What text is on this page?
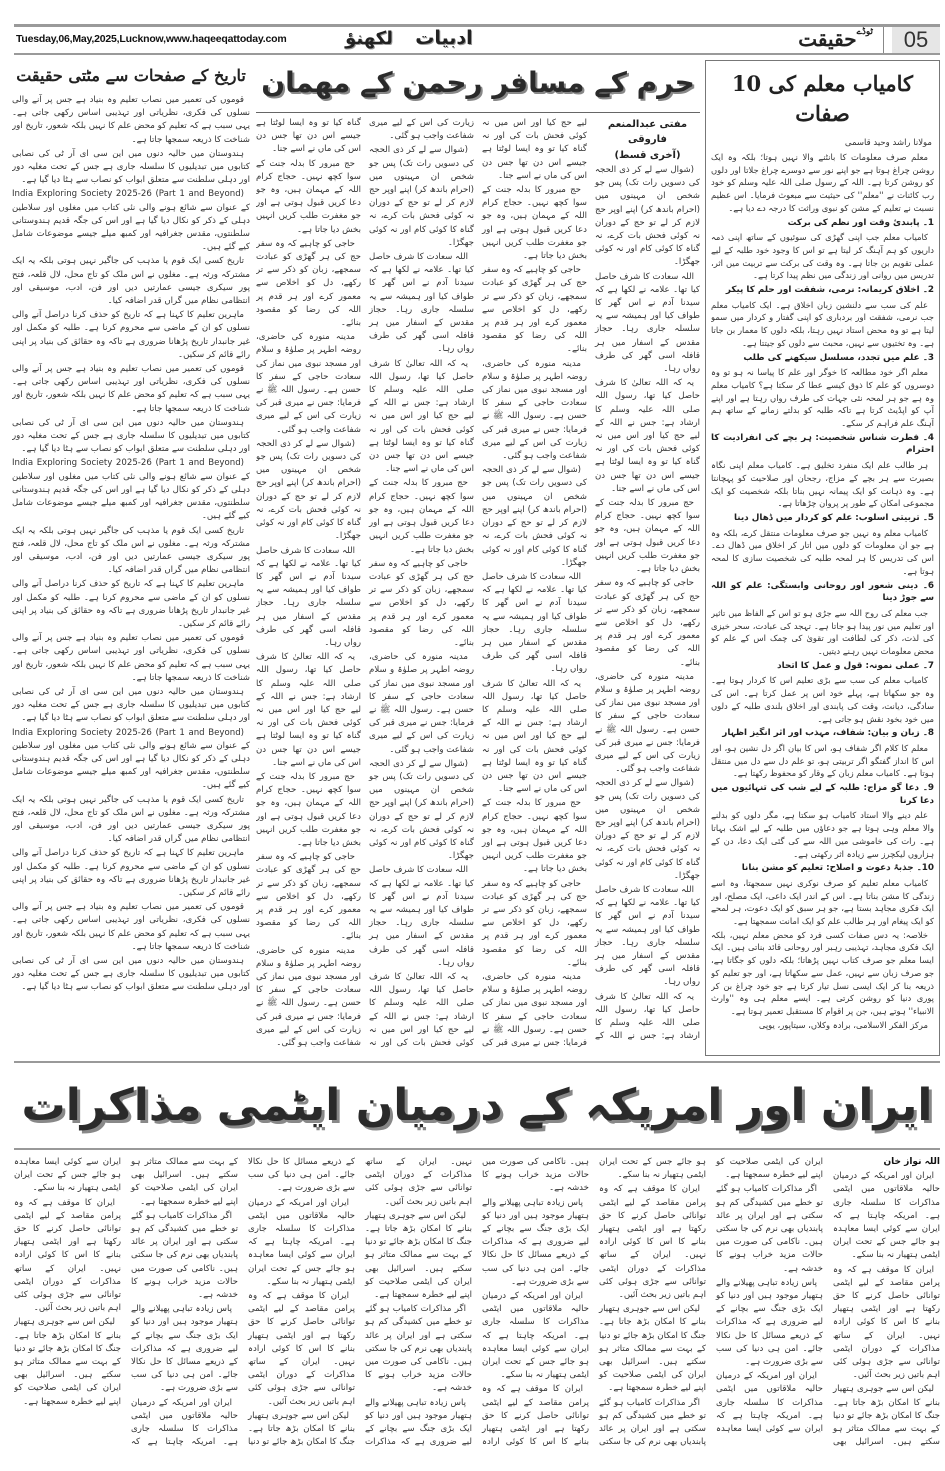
Tuesday,06,May,2025,Lucknow,www.haqeeqattoday.com	لکھنؤ	ادبیات	$^{ٹوڈے}$حقیقت	05
تاریخ کے صفحات سے مٹتی حقیقت

قوموں کی تعمیر میں نصاب تعلیم وہ بنیاد ہے جس پر آنے والی نسلوں کی فکری، نظریاتی اور تہذیبی اساس رکھی جاتی ہے۔ یہی سبب ہے کہ تعلیم کو محض علم کا نہیں بلکہ شعور، تاریخ اور شناخت کا ذریعہ سمجھا جاتا ہے۔

ہندوستان میں حالیہ دنوں میں این سی ای آر ٹی کی نصابی کتابوں میں تبدیلیوں کا سلسلہ جاری ہے جس کے تحت مغلیہ دور اور دہلی سلطنت سے متعلق ابواب کو نصاب سے ہٹا دیا گیا ہے۔

India Exploring Society 2025-26 (Part 1 and Beyond) کے عنوان سے شائع ہونے والی نئی کتاب میں مغلوں اور سلاطین دہلی کے ذکر کو نکال دیا گیا ہے اور اس کی جگہ قدیم ہندوستانی سلطنتوں، مقدس جغرافیہ اور کمبھ میلے جیسے موضوعات شامل کیے گئے ہیں۔

تاریخ کسی ایک قوم یا مذہب کی جاگیر نہیں ہوتی بلکہ یہ ایک مشترکہ ورثہ ہے۔ مغلوں نے اس ملک کو تاج محل، لال قلعہ، فتح پور سیکری جیسی عمارتیں دیں اور فن، ادب، موسیقی اور انتظامی نظام میں گراں قدر اضافہ کیا۔

ماہرین تعلیم کا کہنا ہے کہ تاریخ کو حذف کرنا دراصل آنے والی نسلوں کو ان کے ماضی سے محروم کرنا ہے۔ طلبہ کو مکمل اور غیر جانبدار تاریخ پڑھانا ضروری ہے تاکہ وہ حقائق کی بنیاد پر اپنی رائے قائم کر سکیں۔

قوموں کی تعمیر میں نصاب تعلیم وہ بنیاد ہے جس پر آنے والی نسلوں کی فکری، نظریاتی اور تہذیبی اساس رکھی جاتی ہے۔ یہی سبب ہے کہ تعلیم کو محض علم کا نہیں بلکہ شعور، تاریخ اور شناخت کا ذریعہ سمجھا جاتا ہے۔

ہندوستان میں حالیہ دنوں میں این سی ای آر ٹی کی نصابی کتابوں میں تبدیلیوں کا سلسلہ جاری ہے جس کے تحت مغلیہ دور اور دہلی سلطنت سے متعلق ابواب کو نصاب سے ہٹا دیا گیا ہے۔

India Exploring Society 2025-26 (Part 1 and Beyond) کے عنوان سے شائع ہونے والی نئی کتاب میں مغلوں اور سلاطین دہلی کے ذکر کو نکال دیا گیا ہے اور اس کی جگہ قدیم ہندوستانی سلطنتوں، مقدس جغرافیہ اور کمبھ میلے جیسے موضوعات شامل کیے گئے ہیں۔

تاریخ کسی ایک قوم یا مذہب کی جاگیر نہیں ہوتی بلکہ یہ ایک مشترکہ ورثہ ہے۔ مغلوں نے اس ملک کو تاج محل، لال قلعہ، فتح پور سیکری جیسی عمارتیں دیں اور فن، ادب، موسیقی اور انتظامی نظام میں گراں قدر اضافہ کیا۔

ماہرین تعلیم کا کہنا ہے کہ تاریخ کو حذف کرنا دراصل آنے والی نسلوں کو ان کے ماضی سے محروم کرنا ہے۔ طلبہ کو مکمل اور غیر جانبدار تاریخ پڑھانا ضروری ہے تاکہ وہ حقائق کی بنیاد پر اپنی رائے قائم کر سکیں۔

قوموں کی تعمیر میں نصاب تعلیم وہ بنیاد ہے جس پر آنے والی نسلوں کی فکری، نظریاتی اور تہذیبی اساس رکھی جاتی ہے۔ یہی سبب ہے کہ تعلیم کو محض علم کا نہیں بلکہ شعور، تاریخ اور شناخت کا ذریعہ سمجھا جاتا ہے۔

ہندوستان میں حالیہ دنوں میں این سی ای آر ٹی کی نصابی کتابوں میں تبدیلیوں کا سلسلہ جاری ہے جس کے تحت مغلیہ دور اور دہلی سلطنت سے متعلق ابواب کو نصاب سے ہٹا دیا گیا ہے۔

India Exploring Society 2025-26 (Part 1 and Beyond) کے عنوان سے شائع ہونے والی نئی کتاب میں مغلوں اور سلاطین دہلی کے ذکر کو نکال دیا گیا ہے اور اس کی جگہ قدیم ہندوستانی سلطنتوں، مقدس جغرافیہ اور کمبھ میلے جیسے موضوعات شامل کیے گئے ہیں۔

تاریخ کسی ایک قوم یا مذہب کی جاگیر نہیں ہوتی بلکہ یہ ایک مشترکہ ورثہ ہے۔ مغلوں نے اس ملک کو تاج محل، لال قلعہ، فتح پور سیکری جیسی عمارتیں دیں اور فن، ادب، موسیقی اور انتظامی نظام میں گراں قدر اضافہ کیا۔

ماہرین تعلیم کا کہنا ہے کہ تاریخ کو حذف کرنا دراصل آنے والی نسلوں کو ان کے ماضی سے محروم کرنا ہے۔ طلبہ کو مکمل اور غیر جانبدار تاریخ پڑھانا ضروری ہے تاکہ وہ حقائق کی بنیاد پر اپنی رائے قائم کر سکیں۔

قوموں کی تعمیر میں نصاب تعلیم وہ بنیاد ہے جس پر آنے والی نسلوں کی فکری، نظریاتی اور تہذیبی اساس رکھی جاتی ہے۔ یہی سبب ہے کہ تعلیم کو محض علم کا نہیں بلکہ شعور، تاریخ اور شناخت کا ذریعہ سمجھا جاتا ہے۔

ہندوستان میں حالیہ دنوں میں این سی ای آر ٹی کی نصابی کتابوں میں تبدیلیوں کا سلسلہ جاری ہے جس کے تحت مغلیہ دور اور دہلی سلطنت سے متعلق ابواب کو نصاب سے ہٹا دیا گیا ہے۔

حرم کے مسافر رحمن کے مهمان

مفتی عبدالمنعم فاروقی

(آخری قسط)

(شوال سے لے کر ذی الحجہ کی دسویں رات تک) پس جو شخص ان مہینوں میں (احرام باندھ کر) اپنے اوپر حج لازم کر لے تو حج کے دوران نہ کوئی فحش بات کرے، نہ گناہ کا کوئی کام اور نہ کوئی جھگڑا۔

اللہ سعادت کا شرف حاصل کیا تھا۔ علامہ نے لکھا ہے کہ سیدنا آدم نے اس گھر کا طواف کیا اور ہمیشہ سے یہ سلسلہ جاری رہا۔ حجاز مقدس کے اسفار میں ہر قافلہ اسی گھر کی طرف رواں رہا۔

یہ کہ اللہ تعالیٰ کا شرف حاصل کیا تھا، رسول اللہ صلی اللہ علیہ وسلم کا ارشاد ہے: جس نے اللہ کے لیے حج کیا اور اس میں نہ کوئی فحش بات کی اور نہ گناہ کیا تو وہ ایسا لوٹتا ہے جیسے اس دن تھا جس دن اس کی ماں نے اسے جنا۔

حج مبرور کا بدلہ جنت کے سوا کچھ نہیں۔ حجاج کرام اللہ کے مہمان ہیں، وہ جو دعا کریں قبول ہوتی ہے اور جو مغفرت طلب کریں انہیں بخش دیا جاتا ہے۔

حاجی کو چاہیے کہ وہ سفر حج کی ہر گھڑی کو عبادت سمجھے، زبان کو ذکر سے تر رکھے، دل کو اخلاص سے معمور کرے اور ہر قدم پر اللہ کی رضا کو مقصود بنائے۔

مدینہ منورہ کی حاضری، روضہ اطہر پر صلوٰۃ و سلام اور مسجد نبوی میں نماز کی سعادت حاجی کے سفر کا حسن ہے۔ رسول اللہ ﷺ نے فرمایا: جس نے میری قبر کی زیارت کی اس کے لیے میری شفاعت واجب ہو گئی۔

(شوال سے لے کر ذی الحجہ کی دسویں رات تک) پس جو شخص ان مہینوں میں (احرام باندھ کر) اپنے اوپر حج لازم کر لے تو حج کے دوران نہ کوئی فحش بات کرے، نہ گناہ کا کوئی کام اور نہ کوئی جھگڑا۔

اللہ سعادت کا شرف حاصل کیا تھا۔ علامہ نے لکھا ہے کہ سیدنا آدم نے اس گھر کا طواف کیا اور ہمیشہ سے یہ سلسلہ جاری رہا۔ حجاز مقدس کے اسفار میں ہر قافلہ اسی گھر کی طرف رواں رہا۔

یہ کہ اللہ تعالیٰ کا شرف حاصل کیا تھا، رسول اللہ صلی اللہ علیہ وسلم کا ارشاد ہے: جس نے اللہ کے لیے حج کیا اور اس میں نہ کوئی فحش بات کی اور نہ گناہ کیا تو وہ ایسا لوٹتا ہے جیسے اس دن تھا جس دن اس کی ماں نے اسے جنا۔

حج مبرور کا بدلہ جنت کے سوا کچھ نہیں۔ حجاج کرام اللہ کے مہمان ہیں، وہ جو دعا کریں قبول ہوتی ہے اور جو مغفرت طلب کریں انہیں بخش دیا جاتا ہے۔

حاجی کو چاہیے کہ وہ سفر حج کی ہر گھڑی کو عبادت سمجھے، زبان کو ذکر سے تر رکھے، دل کو اخلاص سے معمور کرے اور ہر قدم پر اللہ کی رضا کو مقصود بنائے۔

مدینہ منورہ کی حاضری، روضہ اطہر پر صلوٰۃ و سلام اور مسجد نبوی میں نماز کی سعادت حاجی کے سفر کا حسن ہے۔ رسول اللہ ﷺ نے فرمایا: جس نے میری قبر کی زیارت کی اس کے لیے میری شفاعت واجب ہو گئی۔

(شوال سے لے کر ذی الحجہ کی دسویں رات تک) پس جو شخص ان مہینوں میں (احرام باندھ کر) اپنے اوپر حج لازم کر لے تو حج کے دوران نہ کوئی فحش بات کرے، نہ گناہ کا کوئی کام اور نہ کوئی جھگڑا۔

اللہ سعادت کا شرف حاصل کیا تھا۔ علامہ نے لکھا ہے کہ سیدنا آدم نے اس گھر کا طواف کیا اور ہمیشہ سے یہ سلسلہ جاری رہا۔ حجاز مقدس کے اسفار میں ہر قافلہ اسی گھر کی طرف رواں رہا۔

یہ کہ اللہ تعالیٰ کا شرف حاصل کیا تھا، رسول اللہ صلی اللہ علیہ وسلم کا ارشاد ہے: جس نے اللہ کے لیے حج کیا اور اس میں نہ کوئی فحش بات کی اور نہ گناہ کیا تو وہ ایسا لوٹتا ہے جیسے اس دن تھا جس دن اس کی ماں نے اسے جنا۔

حج مبرور کا بدلہ جنت کے سوا کچھ نہیں۔ حجاج کرام اللہ کے مہمان ہیں، وہ جو دعا کریں قبول ہوتی ہے اور جو مغفرت طلب کریں انہیں بخش دیا جاتا ہے۔

حاجی کو چاہیے کہ وہ سفر حج کی ہر گھڑی کو عبادت سمجھے، زبان کو ذکر سے تر رکھے، دل کو اخلاص سے معمور کرے اور ہر قدم پر اللہ کی رضا کو مقصود بنائے۔

مدینہ منورہ کی حاضری، روضہ اطہر پر صلوٰۃ و سلام اور مسجد نبوی میں نماز کی سعادت حاجی کے سفر کا حسن ہے۔ رسول اللہ ﷺ نے فرمایا: جس نے میری قبر کی زیارت کی اس کے لیے میری شفاعت واجب ہو گئی۔

(شوال سے لے کر ذی الحجہ کی دسویں رات تک) پس جو شخص ان مہینوں میں (احرام باندھ کر) اپنے اوپر حج لازم کر لے تو حج کے دوران نہ کوئی فحش بات کرے، نہ گناہ کا کوئی کام اور نہ کوئی جھگڑا۔

اللہ سعادت کا شرف حاصل کیا تھا۔ علامہ نے لکھا ہے کہ سیدنا آدم نے اس گھر کا طواف کیا اور ہمیشہ سے یہ سلسلہ جاری رہا۔ حجاز مقدس کے اسفار میں ہر قافلہ اسی گھر کی طرف رواں رہا۔

یہ کہ اللہ تعالیٰ کا شرف حاصل کیا تھا، رسول اللہ صلی اللہ علیہ وسلم کا ارشاد ہے: جس نے اللہ کے لیے حج کیا اور اس میں نہ کوئی فحش بات کی اور نہ گناہ کیا تو وہ ایسا لوٹتا ہے جیسے اس دن تھا جس دن اس کی ماں نے اسے جنا۔

حج مبرور کا بدلہ جنت کے سوا کچھ نہیں۔ حجاج کرام اللہ کے مہمان ہیں، وہ جو دعا کریں قبول ہوتی ہے اور جو مغفرت طلب کریں انہیں بخش دیا جاتا ہے۔

حاجی کو چاہیے کہ وہ سفر حج کی ہر گھڑی کو عبادت سمجھے، زبان کو ذکر سے تر رکھے، دل کو اخلاص سے معمور کرے اور ہر قدم پر اللہ کی رضا کو مقصود بنائے۔

مدینہ منورہ کی حاضری، روضہ اطہر پر صلوٰۃ و سلام اور مسجد نبوی میں نماز کی سعادت حاجی کے سفر کا حسن ہے۔ رسول اللہ ﷺ نے فرمایا: جس نے میری قبر کی زیارت کی اس کے لیے میری شفاعت واجب ہو گئی۔

(شوال سے لے کر ذی الحجہ کی دسویں رات تک) پس جو شخص ان مہینوں میں (احرام باندھ کر) اپنے اوپر حج لازم کر لے تو حج کے دوران نہ کوئی فحش بات کرے، نہ گناہ کا کوئی کام اور نہ کوئی جھگڑا۔

اللہ سعادت کا شرف حاصل کیا تھا۔ علامہ نے لکھا ہے کہ سیدنا آدم نے اس گھر کا طواف کیا اور ہمیشہ سے یہ سلسلہ جاری رہا۔ حجاز مقدس کے اسفار میں ہر قافلہ اسی گھر کی طرف رواں رہا۔

یہ کہ اللہ تعالیٰ کا شرف حاصل کیا تھا، رسول اللہ صلی اللہ علیہ وسلم کا ارشاد ہے: جس نے اللہ کے لیے حج کیا اور اس میں نہ کوئی فحش بات کی اور نہ گناہ کیا تو وہ ایسا لوٹتا ہے جیسے اس دن تھا جس دن اس کی ماں نے اسے جنا۔

حج مبرور کا بدلہ جنت کے سوا کچھ نہیں۔ حجاج کرام اللہ کے مہمان ہیں، وہ جو دعا کریں قبول ہوتی ہے اور جو مغفرت طلب کریں انہیں بخش دیا جاتا ہے۔

حاجی کو چاہیے کہ وہ سفر حج کی ہر گھڑی کو عبادت سمجھے، زبان کو ذکر سے تر رکھے، دل کو اخلاص سے معمور کرے اور ہر قدم پر اللہ کی رضا کو مقصود بنائے۔

مدینہ منورہ کی حاضری، روضہ اطہر پر صلوٰۃ و سلام اور مسجد نبوی میں نماز کی سعادت حاجی کے سفر کا حسن ہے۔ رسول اللہ ﷺ نے فرمایا: جس نے میری قبر کی زیارت کی اس کے لیے میری شفاعت واجب ہو گئی۔

(شوال سے لے کر ذی الحجہ کی دسویں رات تک) پس جو شخص ان مہینوں میں (احرام باندھ کر) اپنے اوپر حج لازم کر لے تو حج کے دوران نہ کوئی فحش بات کرے، نہ گناہ کا کوئی کام اور نہ کوئی جھگڑا۔

اللہ سعادت کا شرف حاصل کیا تھا۔ علامہ نے لکھا ہے کہ سیدنا آدم نے اس گھر کا طواف کیا اور ہمیشہ سے یہ سلسلہ جاری رہا۔ حجاز مقدس کے اسفار میں ہر قافلہ اسی گھر کی طرف رواں رہا۔

یہ کہ اللہ تعالیٰ کا شرف حاصل کیا تھا، رسول اللہ صلی اللہ علیہ وسلم کا ارشاد ہے: جس نے اللہ کے لیے حج کیا اور اس میں نہ کوئی فحش بات کی اور نہ گناہ کیا تو وہ ایسا لوٹتا ہے جیسے اس دن تھا جس دن اس کی ماں نے اسے جنا۔

حج مبرور کا بدلہ جنت کے سوا کچھ نہیں۔ حجاج کرام اللہ کے مہمان ہیں، وہ جو دعا کریں قبول ہوتی ہے اور جو مغفرت طلب کریں انہیں بخش دیا جاتا ہے۔

حاجی کو چاہیے کہ وہ سفر حج کی ہر گھڑی کو عبادت سمجھے، زبان کو ذکر سے تر رکھے، دل کو اخلاص سے معمور کرے اور ہر قدم پر اللہ کی رضا کو مقصود بنائے۔

مدینہ منورہ کی حاضری، روضہ اطہر پر صلوٰۃ و سلام اور مسجد نبوی میں نماز کی سعادت حاجی کے سفر کا حسن ہے۔ رسول اللہ ﷺ نے فرمایا: جس نے میری قبر کی زیارت کی اس کے لیے میری شفاعت واجب ہو گئی۔

کامیاب معلم کی 10 صفات
مولانا راشد وحید قاسمی

معلم صرف معلومات کا بانٹنے والا نہیں ہوتا؛ بلکہ وہ ایک روشن چراغ ہوتا ہے جو اپنے نور سے دوسرے چراغ جلاتا اور دلوں کو روشن کرتا ہے۔ اللہ کے رسول صلی اللہ علیہ وسلم کو خود رب کائنات نے ''معلم'' کی حیثیت سے مبعوث فرمایا۔ اس عظیم نسبت نے تعلیم کے مشن کو نبوی وراثت کا درجہ دے دیا ہے۔

1۔ پابندیٔ وقت اور نظم کی برکت

کامیاب معلم جب اپنی گھڑی کی سوئیوں کے ساتھ اپنی ذمہ داریوں کو ہم آہنگ کر لیتا ہے تو اس کا وجود خود طلبہ کے لیے عملی تقویم بن جاتا ہے۔ وہ وقت کی برکت سے تربیت میں اثر، تدریس میں روانی اور زندگی میں نظم پیدا کرتا ہے۔

2۔ اخلاق کریمانہ: نرمی، شفقت اور حلم کا پیکر

علم کی سب سے دلنشین زبان اخلاق ہے۔ ایک کامیاب معلم جب نرمی، شفقت اور بردباری کو اپنی گفتار و کردار میں سمو لیتا ہے تو وہ محض استاد نہیں رہتا، بلکہ دلوں کا معمار بن جاتا ہے۔ وہ تختیوں سے نہیں، محبت سے دلوں کو جیتتا ہے۔

3۔ علم میں تجدد، مسلسل سیکھنے کی طلب

معلم اگر خود مطالعہ کا خوگر اور علم کا پیاسا نہ ہو تو وہ دوسروں کو علم کا ذوق کیسے عطا کر سکتا ہے؟ کامیاب معلم وہ ہے جو ہر لمحہ نئی جہات کی طرف رواں رہتا ہے اور اپنے آپ کو اپڈیٹ کرتا ہے تاکہ طلبہ کو بدلتے زمانے کے ساتھ ہم آہنگ علم فراہم کر سکے۔

4۔ فطرت شناس شخصیت: ہر بچے کی انفرادیت کا احترام

ہر طالب علم ایک منفرد تخلیق ہے۔ کامیاب معلم اپنی نگاہ بصیرت سے ہر بچے کے مزاج، رجحان اور صلاحیت کو پہچانتا ہے۔ وہ ذہانت کو ایک پیمانہ نہیں بناتا بلکہ شخصیت کو ایک مجموعی امکان کے طور پر پروان چڑھاتا ہے۔

5۔ تربیتی اسلوب: علم کو کردار میں ڈھال دینا

کامیاب معلم وہ نہیں جو صرف معلومات منتقل کرے، بلکہ وہ ہے جو ان معلومات کو دلوں میں اتار کر اخلاق میں ڈھال دے۔ اس کی تدریس کا ہر لمحہ طلبہ کی شخصیت سازی کا لمحہ ہوتا ہے۔

6۔ دینی شعور اور روحانی وابستگی: علم کو اللہ سے جوڑ دینا

جب معلم کی روح اللہ سے جڑی ہو تو اس کے الفاظ میں تاثیر اور تعلیم میں نور پیدا ہو جاتا ہے۔ تہجد کی عبادت، سحر خیزی کی لذت، ذکر کی لطافت اور تقویٰ کی چمک اس کے علم کو محض معلومات نہیں رہنے دیتیں۔

7۔ عملی نمونہ: قول و عمل کا اتحاد

کامیاب معلم کی سب سے بڑی تعلیم اس کا کردار ہوتا ہے۔ وہ جو سکھاتا ہے، پہلے خود اس پر عمل کرتا ہے۔ اس کی سادگی، دیانت، وقت کی پابندی اور اخلاق بلندی طلبہ کے دلوں میں خود بخود نقش ہو جاتی ہے۔

8۔ زبان و بیان: شفاف، مہذب اور اثر انگیز اظہار

معلم کا کلام اگر شفاف ہو، اس کا بیان اگر دل نشین ہو، اور اس کا انداز گفتگو اگر تربیتی ہو، تو علم دل سے دل میں منتقل ہوتا ہے۔ کامیاب معلم زبان کے وقار کو محفوظ رکھتا ہے۔

9۔ دعا گو مزاج: طلبہ کے لیے شب کی تنہائیوں میں دعا کرنا

علم دینے والا استاد کامیاب ہو سکتا ہے، مگر دلوں کو بدلنے والا معلم وہی ہوتا ہے جو دعاؤں میں طلبہ کے لیے اشک بہاتا ہے۔ رات کی خاموشی میں اللہ سے کی گئی ایک دعا، دن کے ہزاروں لیکچرز سے زیادہ اثر رکھتی ہے۔

10۔ جذبۂ دعوت و اصلاح: تعلیم کو مشن بنانا

کامیاب معلم تعلیم کو صرف نوکری نہیں سمجھتا، وہ اسے زندگی کا مشن بناتا ہے۔ اس کے اندر ایک داعی، ایک مصلح، اور ایک فکری مجاہد بستا ہے، جو ہر سبق کو ایک دعوت، ہر لمحے کو ایک پیغام اور ہر طالب علم کو ایک امانت سمجھتا ہے۔

خلاصہ: یہ دس صفات کسی فرد کو محض معلم نہیں، بلکہ ایک فکری مجاہد، تہذیبی رہبر اور روحانی قائد بناتی ہیں۔ ایک ایسا معلم جو صرف کتاب نہیں پڑھاتا؛ بلکہ دلوں کو جگاتا ہے، جو صرف زبان سے نہیں، عمل سے سکھاتا ہے، اور جو تعلیم کو ذریعہ بنا کر ایک ایسی نسل تیار کرتا ہے جو خود چراغ بن کر پوری دنیا کو روشن کرتی ہے۔ ایسے معلم ہی وہ ''وارث الانبیاء'' ہوتے ہیں، جن پر اقوام کا مستقبل تعمیر ہوتا ہے۔

مرکز الفکر الاسلامی، برادہ وکلاں، سیتاپور، یوپی

ایران اور امریکہ کے درمیان ایٹمی مذاکرات

اللہ نواز خان

ایران اور امریکہ کے درمیان حالیہ ملاقاتوں میں ایٹمی مذاکرات کا سلسلہ جاری ہے۔ امریکہ چاہتا ہے کہ ایران سے کوئی ایسا معاہدہ ہو جائے جس کے تحت ایران ایٹمی ہتھیار نہ بنا سکے۔

ایران کا موقف ہے کہ وہ پرامن مقاصد کے لیے ایٹمی توانائی حاصل کرنے کا حق رکھتا ہے اور ایٹمی ہتھیار بنانے کا اس کا کوئی ارادہ نہیں۔ ایران کے ساتھ مذاکرات کے دوران ایٹمی توانائی سے جڑی ہوئی کئی اہم باتیں زیر بحث آئیں۔

لیکن اس سے جوہری ہتھیار بنانے کا امکان بڑھ جاتا ہے۔ جنگ کا امکان بڑھ جائے تو دنیا کے بہت سے ممالک متاثر ہو سکتے ہیں۔ اسرائیل بھی ایران کی ایٹمی صلاحیت کو اپنے لیے خطرہ سمجھتا ہے۔

اگر مذاکرات کامیاب ہو گئے تو خطے میں کشیدگی کم ہو سکتی ہے اور ایران پر عائد پابندیاں بھی نرم کی جا سکتی ہیں۔ ناکامی کی صورت میں حالات مزید خراب ہونے کا خدشہ ہے۔

پاس زیادہ تباہی پھیلانے والے ہتھیار موجود ہیں اور دنیا کو ایک بڑی جنگ سے بچانے کے لیے ضروری ہے کہ مذاکرات کے ذریعے مسائل کا حل نکالا جائے۔ امن ہی دنیا کی سب سے بڑی ضرورت ہے۔

ایران اور امریکہ کے درمیان حالیہ ملاقاتوں میں ایٹمی مذاکرات کا سلسلہ جاری ہے۔ امریکہ چاہتا ہے کہ ایران سے کوئی ایسا معاہدہ ہو جائے جس کے تحت ایران ایٹمی ہتھیار نہ بنا سکے۔

ایران کا موقف ہے کہ وہ پرامن مقاصد کے لیے ایٹمی توانائی حاصل کرنے کا حق رکھتا ہے اور ایٹمی ہتھیار بنانے کا اس کا کوئی ارادہ نہیں۔ ایران کے ساتھ مذاکرات کے دوران ایٹمی توانائی سے جڑی ہوئی کئی اہم باتیں زیر بحث آئیں۔

لیکن اس سے جوہری ہتھیار بنانے کا امکان بڑھ جاتا ہے۔ جنگ کا امکان بڑھ جائے تو دنیا کے بہت سے ممالک متاثر ہو سکتے ہیں۔ اسرائیل بھی ایران کی ایٹمی صلاحیت کو اپنے لیے خطرہ سمجھتا ہے۔

اگر مذاکرات کامیاب ہو گئے تو خطے میں کشیدگی کم ہو سکتی ہے اور ایران پر عائد پابندیاں بھی نرم کی جا سکتی ہیں۔ ناکامی کی صورت میں حالات مزید خراب ہونے کا خدشہ ہے۔

پاس زیادہ تباہی پھیلانے والے ہتھیار موجود ہیں اور دنیا کو ایک بڑی جنگ سے بچانے کے لیے ضروری ہے کہ مذاکرات کے ذریعے مسائل کا حل نکالا جائے۔ امن ہی دنیا کی سب سے بڑی ضرورت ہے۔

ایران اور امریکہ کے درمیان حالیہ ملاقاتوں میں ایٹمی مذاکرات کا سلسلہ جاری ہے۔ امریکہ چاہتا ہے کہ ایران سے کوئی ایسا معاہدہ ہو جائے جس کے تحت ایران ایٹمی ہتھیار نہ بنا سکے۔

ایران کا موقف ہے کہ وہ پرامن مقاصد کے لیے ایٹمی توانائی حاصل کرنے کا حق رکھتا ہے اور ایٹمی ہتھیار بنانے کا اس کا کوئی ارادہ نہیں۔ ایران کے ساتھ مذاکرات کے دوران ایٹمی توانائی سے جڑی ہوئی کئی اہم باتیں زیر بحث آئیں۔

لیکن اس سے جوہری ہتھیار بنانے کا امکان بڑھ جاتا ہے۔ جنگ کا امکان بڑھ جائے تو دنیا کے بہت سے ممالک متاثر ہو سکتے ہیں۔ اسرائیل بھی ایران کی ایٹمی صلاحیت کو اپنے لیے خطرہ سمجھتا ہے۔

اگر مذاکرات کامیاب ہو گئے تو خطے میں کشیدگی کم ہو سکتی ہے اور ایران پر عائد پابندیاں بھی نرم کی جا سکتی ہیں۔ ناکامی کی صورت میں حالات مزید خراب ہونے کا خدشہ ہے۔

پاس زیادہ تباہی پھیلانے والے ہتھیار موجود ہیں اور دنیا کو ایک بڑی جنگ سے بچانے کے لیے ضروری ہے کہ مذاکرات کے ذریعے مسائل کا حل نکالا جائے۔ امن ہی دنیا کی سب سے بڑی ضرورت ہے۔

ایران اور امریکہ کے درمیان حالیہ ملاقاتوں میں ایٹمی مذاکرات کا سلسلہ جاری ہے۔ امریکہ چاہتا ہے کہ ایران سے کوئی ایسا معاہدہ ہو جائے جس کے تحت ایران ایٹمی ہتھیار نہ بنا سکے۔

ایران کا موقف ہے کہ وہ پرامن مقاصد کے لیے ایٹمی توانائی حاصل کرنے کا حق رکھتا ہے اور ایٹمی ہتھیار بنانے کا اس کا کوئی ارادہ نہیں۔ ایران کے ساتھ مذاکرات کے دوران ایٹمی توانائی سے جڑی ہوئی کئی اہم باتیں زیر بحث آئیں۔

لیکن اس سے جوہری ہتھیار بنانے کا امکان بڑھ جاتا ہے۔ جنگ کا امکان بڑھ جائے تو دنیا کے بہت سے ممالک متاثر ہو سکتے ہیں۔ اسرائیل بھی ایران کی ایٹمی صلاحیت کو اپنے لیے خطرہ سمجھتا ہے۔

اگر مذاکرات کامیاب ہو گئے تو خطے میں کشیدگی کم ہو سکتی ہے اور ایران پر عائد پابندیاں بھی نرم کی جا سکتی ہیں۔ ناکامی کی صورت میں حالات مزید خراب ہونے کا خدشہ ہے۔

پاس زیادہ تباہی پھیلانے والے ہتھیار موجود ہیں اور دنیا کو ایک بڑی جنگ سے بچانے کے لیے ضروری ہے کہ مذاکرات کے ذریعے مسائل کا حل نکالا جائے۔ امن ہی دنیا کی سب سے بڑی ضرورت ہے۔

ایران اور امریکہ کے درمیان حالیہ ملاقاتوں میں ایٹمی مذاکرات کا سلسلہ جاری ہے۔ امریکہ چاہتا ہے کہ ایران سے کوئی ایسا معاہدہ ہو جائے جس کے تحت ایران ایٹمی ہتھیار نہ بنا سکے۔

ایران کا موقف ہے کہ وہ پرامن مقاصد کے لیے ایٹمی توانائی حاصل کرنے کا حق رکھتا ہے اور ایٹمی ہتھیار بنانے کا اس کا کوئی ارادہ نہیں۔ ایران کے ساتھ مذاکرات کے دوران ایٹمی توانائی سے جڑی ہوئی کئی اہم باتیں زیر بحث آئیں۔

لیکن اس سے جوہری ہتھیار بنانے کا امکان بڑھ جاتا ہے۔ جنگ کا امکان بڑھ جائے تو دنیا کے بہت سے ممالک متاثر ہو سکتے ہیں۔ اسرائیل بھی ایران کی ایٹمی صلاحیت کو اپنے لیے خطرہ سمجھتا ہے۔
